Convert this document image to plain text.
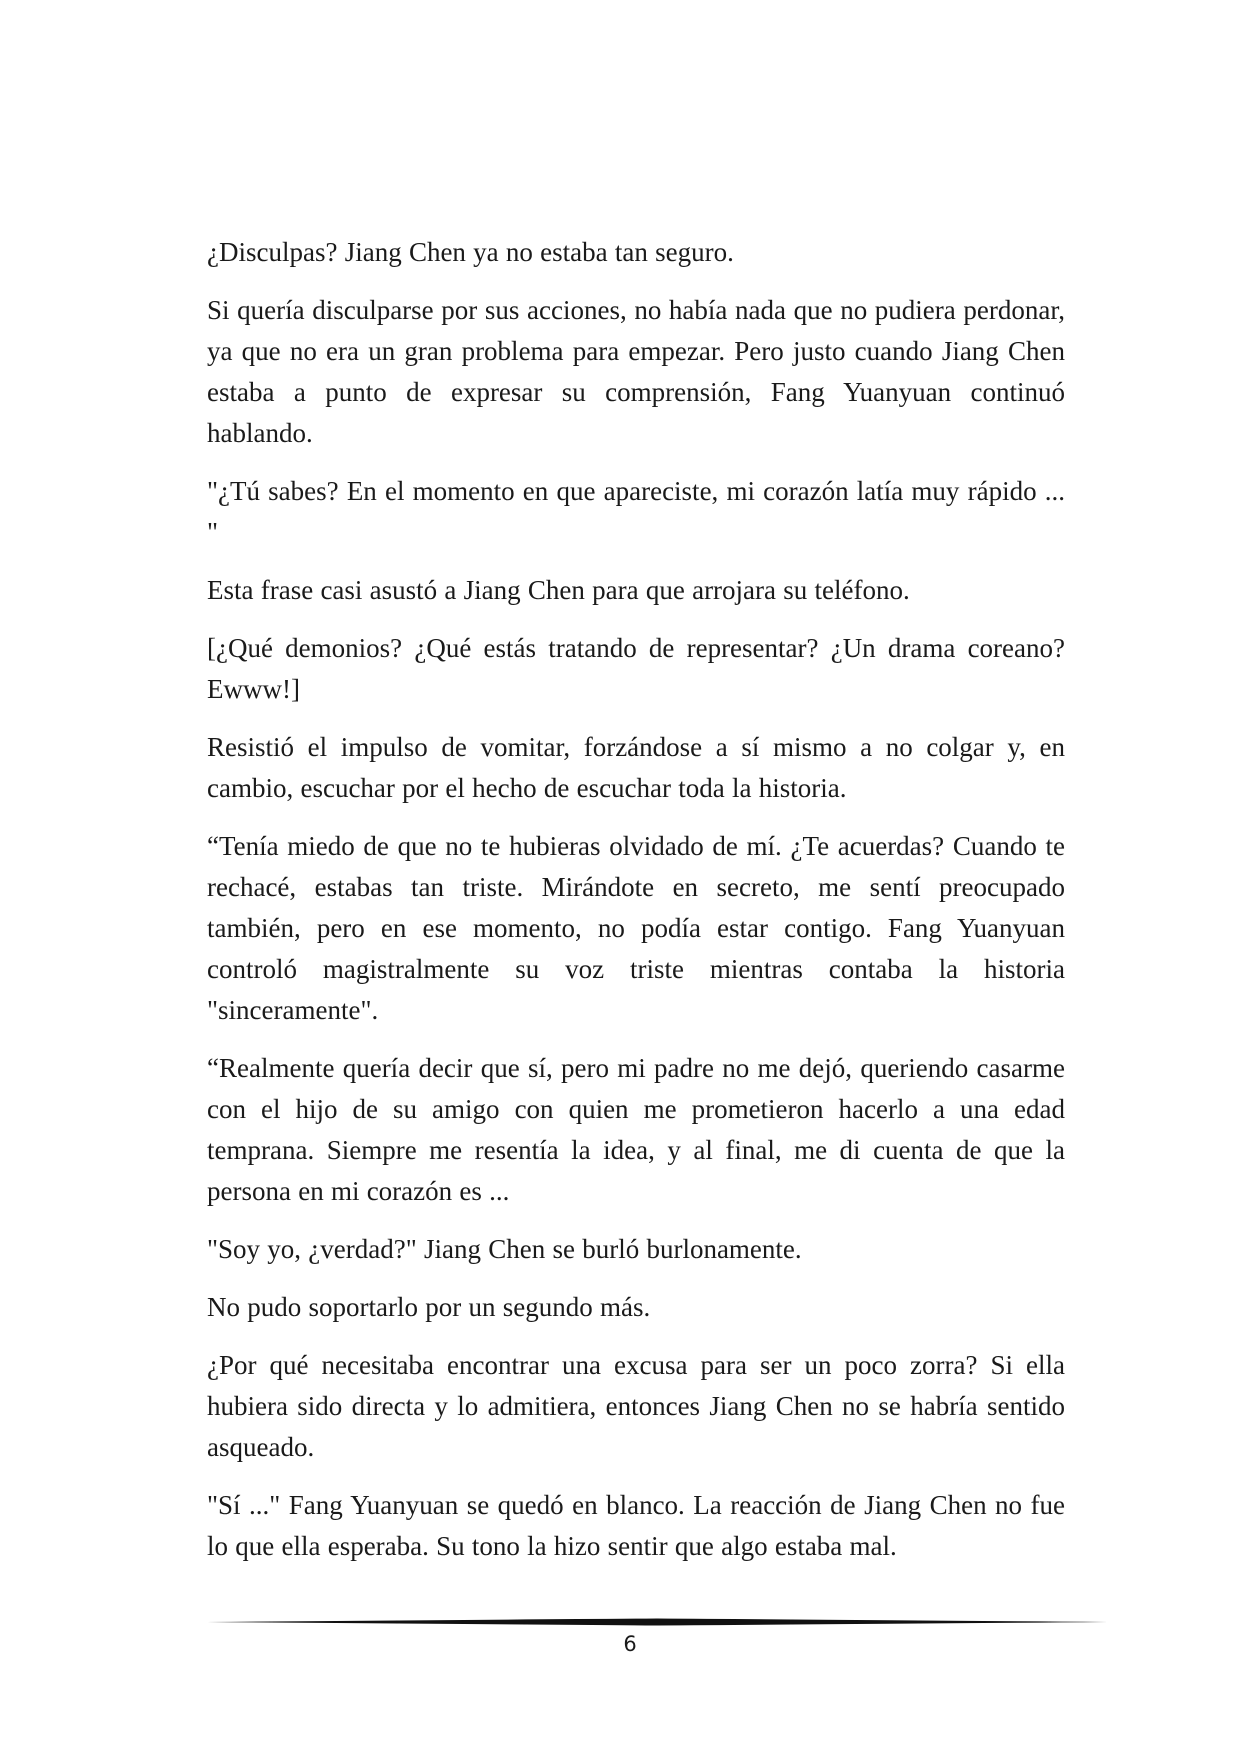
¿Disculpas? Jiang Chen ya no estaba tan seguro.

Si quería disculparse por sus acciones, no había nada que no pudiera perdonar, ya que no era un gran problema para empezar. Pero justo cuando Jiang Chen estaba a punto de expresar su comprensión, Fang Yuanyuan continuó hablando.

"¿Tú sabes? En el momento en que apareciste, mi corazón latía muy rápido ... "

Esta frase casi asustó a Jiang Chen para que arrojara su teléfono.

[¿Qué demonios? ¿Qué estás tratando de representar? ¿Un drama coreano? Ewww!]

Resistió el impulso de vomitar, forzándose a sí mismo a no colgar y, en cambio, escuchar por el hecho de escuchar toda la historia.

“Tenía miedo de que no te hubieras olvidado de mí. ¿Te acuerdas? Cuando te rechacé, estabas tan triste. Mirándote en secreto, me sentí preocupado también, pero en ese momento, no podía estar contigo. Fang Yuanyuan controló magistralmente su voz triste mientras contaba la historia "sinceramente".

“Realmente quería decir que sí, pero mi padre no me dejó, queriendo casarme con el hijo de su amigo con quien me prometieron hacerlo a una edad temprana. Siempre me resentía la idea, y al final, me di cuenta de que la persona en mi corazón es ...

"Soy yo, ¿verdad?" Jiang Chen se burló burlonamente.

No pudo soportarlo por un segundo más.

¿Por qué necesitaba encontrar una excusa para ser un poco zorra? Si ella hubiera sido directa y lo admitiera, entonces Jiang Chen no se habría sentido asqueado.

"Sí ..." Fang Yuanyuan se quedó en blanco. La reacción de Jiang Chen no fue lo que ella esperaba. Su tono la hizo sentir que algo estaba mal.

6
